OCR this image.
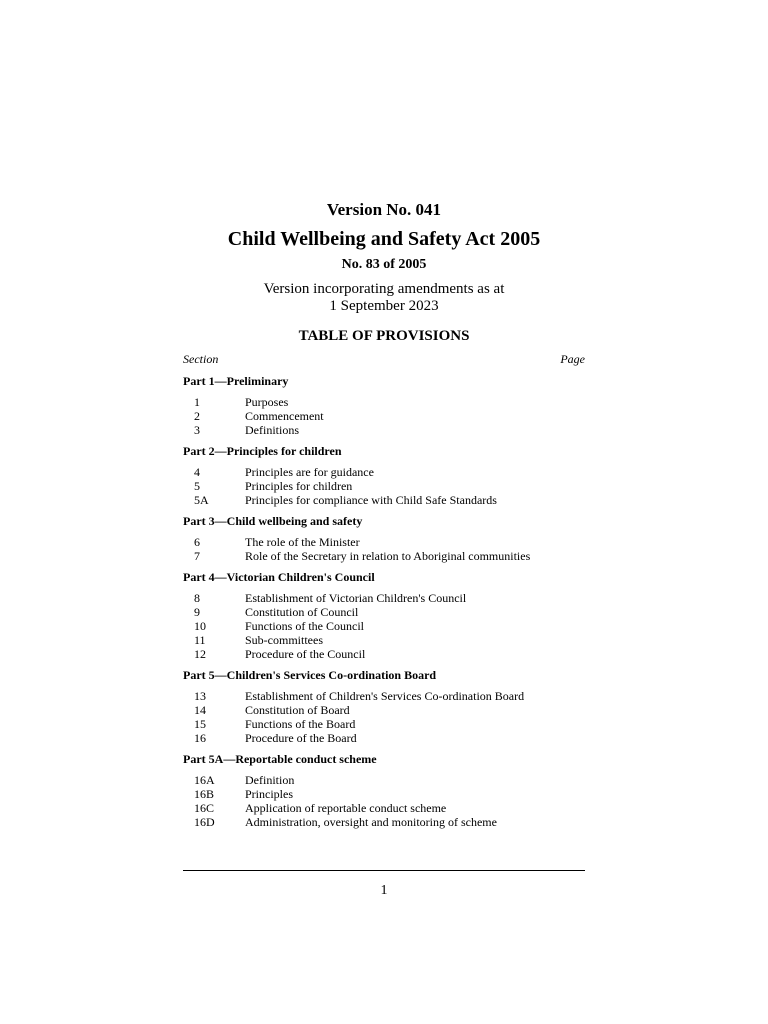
Version No. 041
Child Wellbeing and Safety Act 2005
No. 83 of 2005
Version incorporating amendments as at
1 September 2023
TABLE OF PROVISIONS
Section	Page
Part 1—Preliminary
1	Purposes
2	Commencement
3	Definitions
Part 2—Principles for children
4	Principles are for guidance
5	Principles for children
5A	Principles for compliance with Child Safe Standards
Part 3—Child wellbeing and safety
6	The role of the Minister
7	Role of the Secretary in relation to Aboriginal communities
Part 4—Victorian Children's Council
8	Establishment of Victorian Children's Council
9	Constitution of Council
10	Functions of the Council
11	Sub-committees
12	Procedure of the Council
Part 5—Children's Services Co-ordination Board
13	Establishment of Children's Services Co-ordination Board
14	Constitution of Board
15	Functions of the Board
16	Procedure of the Board
Part 5A—Reportable conduct scheme
16A	Definition
16B	Principles
16C	Application of reportable conduct scheme
16D	Administration, oversight and monitoring of scheme
1
